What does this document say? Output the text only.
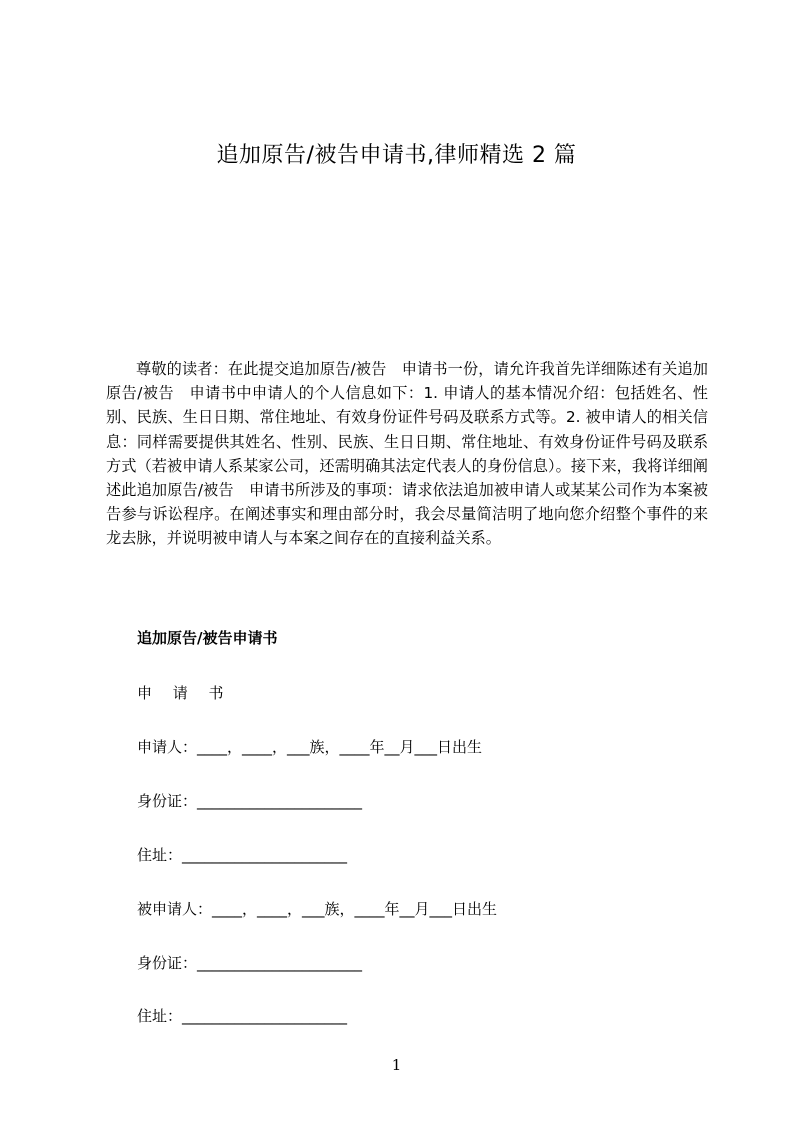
追加原告/被告申请书,律师精选 2 篇

尊敬的读者：在此提交追加原告/被告　申请书一份，请允许我首先详细陈述有关追加原告/被告　申请书中申请人的个人信息如下：1. 申请人的基本情况介绍：包括姓名、性别、民族、生日日期、常住地址、有效身份证件号码及联系方式等。2. 被申请人的相关信息：同样需要提供其姓名、性别、民族、生日日期、常住地址、有效身份证件号码及联系方式（若被申请人系某家公司，还需明确其法定代表人的身份信息）。接下来，我将详细阐述此追加原告/被告　申请书所涉及的事项：请求依法追加被申请人或某某公司作为本案被告参与诉讼程序。在阐述事实和理由部分时，我会尽量简洁明了地向您介绍整个事件的来龙去脉，并说明被申请人与本案之间存在的直接利益关系。

追加原告/被告申请书
申 请 书
申请人：____，____，___族，____年__月___日出生
身份证：______________________
住址：______________________
被申请人：____，____，___族，____年__月___日出生
身份证：______________________
住址：______________________
1
